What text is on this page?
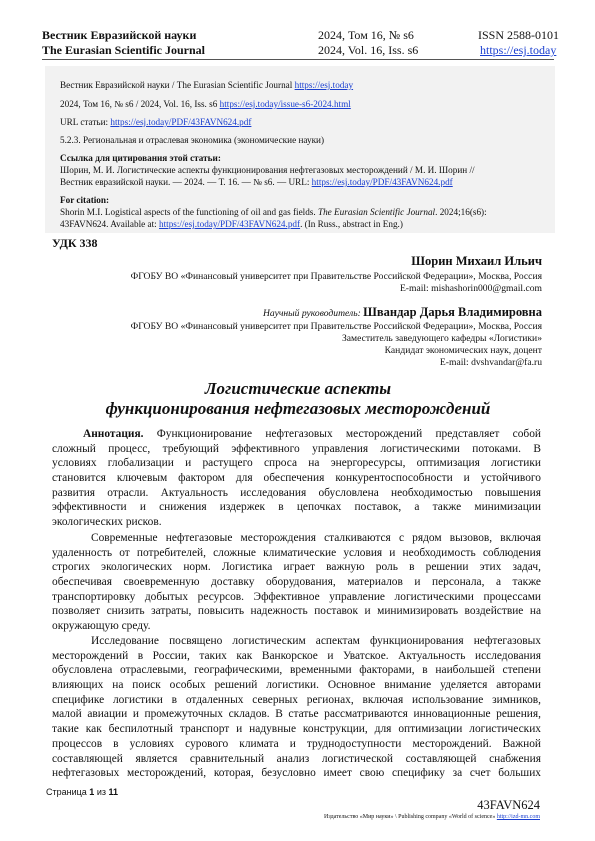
Вестник Евразийской науки
The Eurasian Scientific Journal
2024, Том 16, № s6
2024, Vol. 16, Iss. s6
ISSN 2588-0101
https://esj.today
Вестник Евразийской науки / The Eurasian Scientific Journal https://esj.today
2024, Том 16, № s6 / 2024, Vol. 16, Iss. s6 https://esj.today/issue-s6-2024.html
URL статьи: https://esj.today/PDF/43FAVN624.pdf
5.2.3. Региональная и отраслевая экономика (экономические науки)
Ссылка для цитирования этой статьи:
Шорин, М. И. Логистические аспекты функционирования нефтегазовых месторождений / М. И. Шорин //
Вестник евразийской науки. — 2024. — Т. 16. — № s6. — URL: https://esj.today/PDF/43FAVN624.pdf
For citation:
Shorin M.I. Logistical aspects of the functioning of oil and gas fields. The Eurasian Scientific Journal. 2024;16(s6):
43FAVN624. Available at: https://esj.today/PDF/43FAVN624.pdf. (In Russ., abstract in Eng.)
УДК 338
Шорин Михаил Ильич
ФГОБУ ВО «Финансовый университет при Правительстве Российской Федерации», Москва, Россия
E-mail: mishashorin000@gmail.com
Научный руководитель: Швандар Дарья Владимировна
ФГОБУ ВО «Финансовый университет при Правительстве Российской Федерации», Москва, Россия
Заместитель заведующего кафедры «Логистики»
Кандидат экономических наук, доцент
E-mail: dvshvandar@fa.ru
Логистические аспекты
функционирования нефтегазовых месторождений
Аннотация. Функционирование нефтегазовых месторождений представляет собой
сложный процесс, требующий эффективного управления логистическими потоками. В
условиях глобализации и растущего спроса на энергоресурсы, оптимизация логистики
становится ключевым фактором для обеспечения конкурентоспособности и устойчивого
развития отрасли. Актуальность исследования обусловлена необходимостью повышения
эффективности и снижения издержек в цепочках поставок, а также минимизации
экологических рисков.
Современные нефтегазовые месторождения сталкиваются с рядом вызовов, включая
удаленность от потребителей, сложные климатические условия и необходимость соблюдения
строгих экологических норм. Логистика играет важную роль в решении этих задач,
обеспечивая своевременную доставку оборудования, материалов и персонала, а также
транспортировку добытых ресурсов. Эффективное управление логистическими процессами
позволяет снизить затраты, повысить надежность поставок и минимизировать воздействие на
окружающую среду.
Исследование посвящено логистическим аспектам функционирования нефтегазовых
месторождений в России, таких как Ванкорское и Уватское. Актуальность исследования
обусловлена отраслевыми, географическими, временными факторами, в наибольшей степени
влияющих на поиск особых решений логистики. Основное внимание уделяется авторами
специфике логистики в отдаленных северных регионах, включая использование зимников,
малой авиации и промежуточных складов. В статье рассматриваются инновационные решения,
такие как беспилотный транспорт и надувные конструкции, для оптимизации логистических
процессов в условиях сурового климата и труднодоступности месторождений. Важной
составляющей является сравнительный анализ логистической составляющей снабжения
нефтегазовых месторождений, которая, безусловно имеет свою специфику за счет больших
Страница 1 из 11
43FAVN624
Издательство «Мир науки» \ Publishing company «World of science» http://izd-mn.com
